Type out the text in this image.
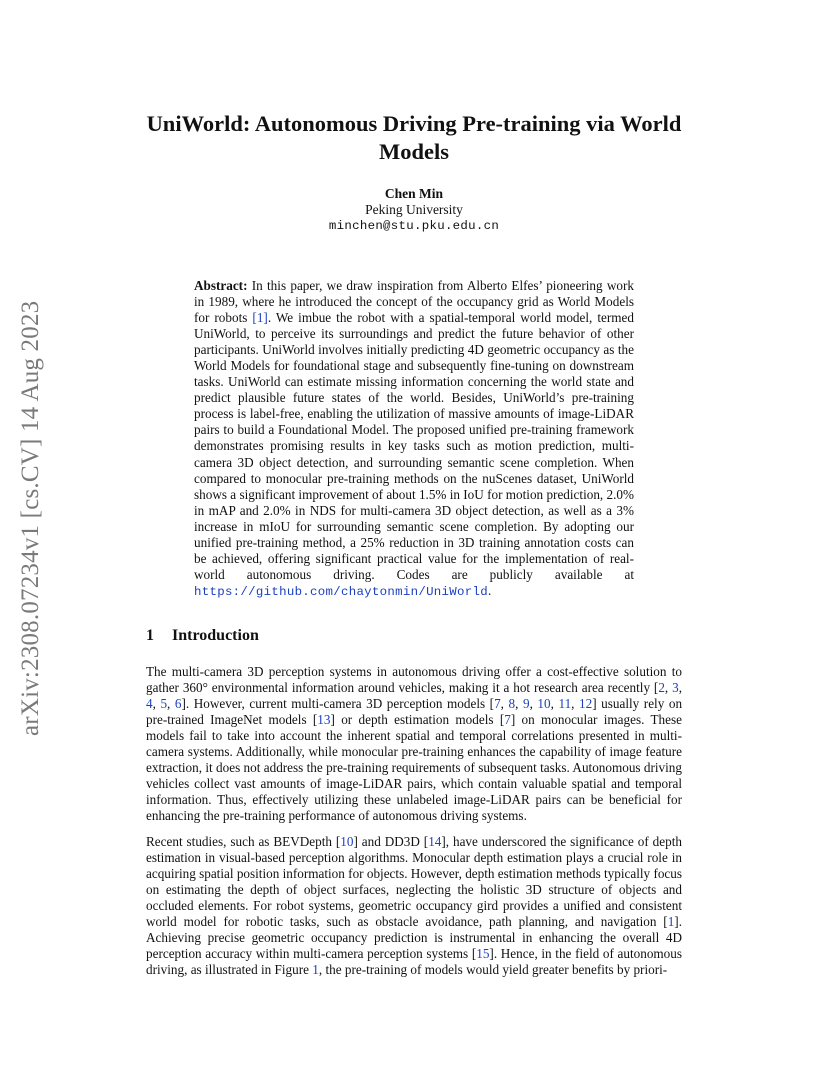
arXiv:2308.07234v1 [cs.CV] 14 Aug 2023
UniWorld: Autonomous Driving Pre-training via World Models
Chen Min
Peking University
minchen@stu.pku.edu.cn
Abstract: In this paper, we draw inspiration from Alberto Elfes’ pioneering work in 1989, where he introduced the concept of the occupancy grid as World Models for robots [1]. We imbue the robot with a spatial-temporal world model, termed UniWorld, to perceive its surroundings and predict the future behavior of other participants. UniWorld involves initially predicting 4D geometric occupancy as the World Models for foundational stage and subsequently fine-tuning on downstream tasks. UniWorld can estimate missing information concerning the world state and predict plausible future states of the world. Besides, UniWorld’s pre-training process is label-free, enabling the utilization of massive amounts of image-LiDAR pairs to build a Foundational Model. The proposed unified pre-training framework demonstrates promising results in key tasks such as motion prediction, multi-camera 3D object detection, and surrounding semantic scene completion. When compared to monocular pre-training methods on the nuScenes dataset, UniWorld shows a significant improvement of about 1.5% in IoU for motion prediction, 2.0% in mAP and 2.0% in NDS for multi-camera 3D object detection, as well as a 3% increase in mIoU for surrounding semantic scene completion. By adopting our unified pre-training method, a 25% reduction in 3D training annotation costs can be achieved, offering significant practical value for the implementation of real-world autonomous driving. Codes are publicly available at https://github.com/chaytonmin/UniWorld.
1 Introduction
The multi-camera 3D perception systems in autonomous driving offer a cost-effective solution to gather 360° environmental information around vehicles, making it a hot research area recently [2, 3, 4, 5, 6]. However, current multi-camera 3D perception models [7, 8, 9, 10, 11, 12] usually rely on pre-trained ImageNet models [13] or depth estimation models [7] on monocular images. These models fail to take into account the inherent spatial and temporal correlations presented in multi-camera systems. Additionally, while monocular pre-training enhances the capability of image feature extraction, it does not address the pre-training requirements of subsequent tasks. Autonomous driving vehicles collect vast amounts of image-LiDAR pairs, which contain valuable spatial and temporal information. Thus, effectively utilizing these unlabeled image-LiDAR pairs can be beneficial for enhancing the pre-training performance of autonomous driving systems.
Recent studies, such as BEVDepth [10] and DD3D [14], have underscored the significance of depth estimation in visual-based perception algorithms. Monocular depth estimation plays a crucial role in acquiring spatial position information for objects. However, depth estimation methods typically focus on estimating the depth of object surfaces, neglecting the holistic 3D structure of objects and occluded elements. For robot systems, geometric occupancy gird provides a unified and consistent world model for robotic tasks, such as obstacle avoidance, path planning, and navigation [1]. Achieving precise geometric occupancy prediction is instrumental in enhancing the overall 4D perception accuracy within multi-camera perception systems [15]. Hence, in the field of autonomous driving, as illustrated in Figure 1, the pre-training of models would yield greater benefits by priori-
